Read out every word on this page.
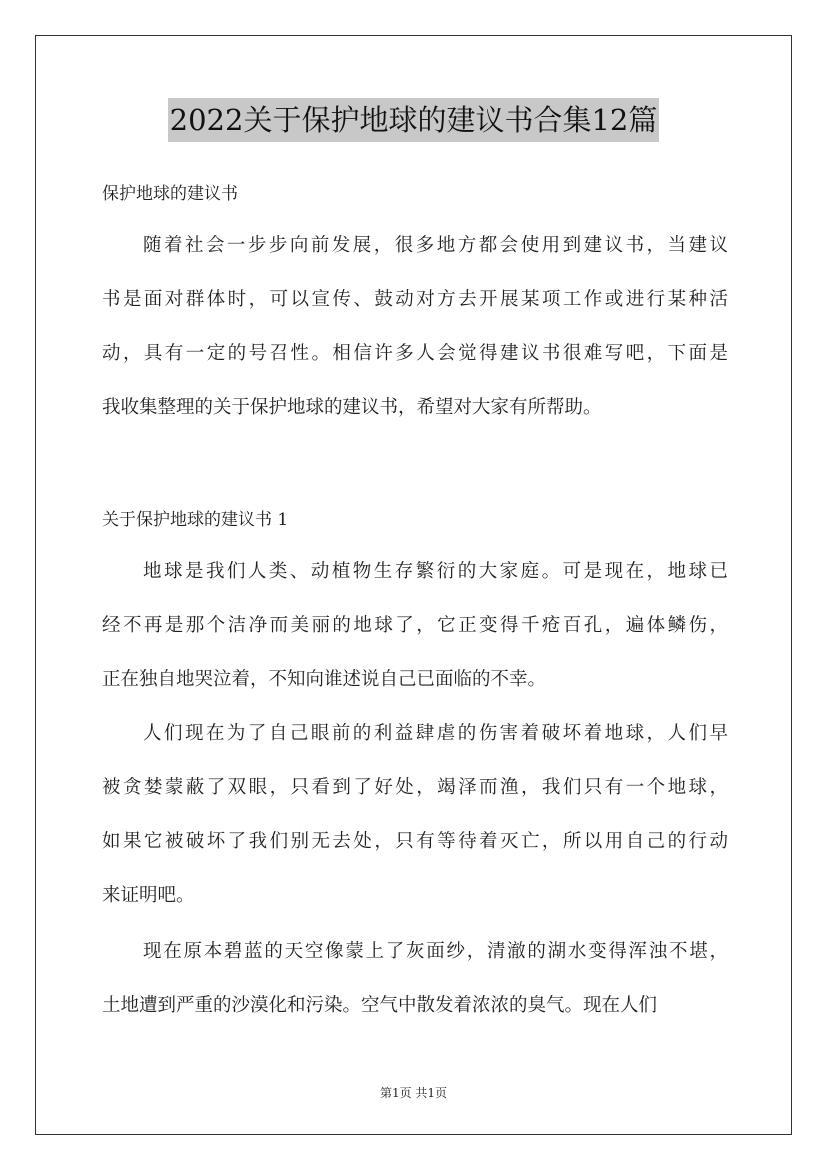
2022关于保护地球的建议书合集12篇
保护地球的建议书
随着社会一步步向前发展，很多地方都会使用到建议书，当建议
书是面对群体时，可以宣传、鼓动对方去开展某项工作或进行某种活
动，具有一定的号召性。相信许多人会觉得建议书很难写吧，下面是
我收集整理的关于保护地球的建议书，希望对大家有所帮助。
关于保护地球的建议书 1
地球是我们人类、动植物生存繁衍的大家庭。可是现在，地球已
经不再是那个洁净而美丽的地球了，它正变得千疮百孔，遍体鳞伤，
正在独自地哭泣着，不知向谁述说自己已面临的不幸。
人们现在为了自己眼前的利益肆虐的伤害着破坏着地球，人们早
被贪婪蒙蔽了双眼，只看到了好处，竭泽而渔，我们只有一个地球，
如果它被破坏了我们别无去处，只有等待着灭亡，所以用自己的行动
来证明吧。
现在原本碧蓝的天空像蒙上了灰面纱，清澈的湖水变得浑浊不堪，
土地遭到严重的沙漠化和污染。空气中散发着浓浓的臭气。现在人们
第1页 共1页
